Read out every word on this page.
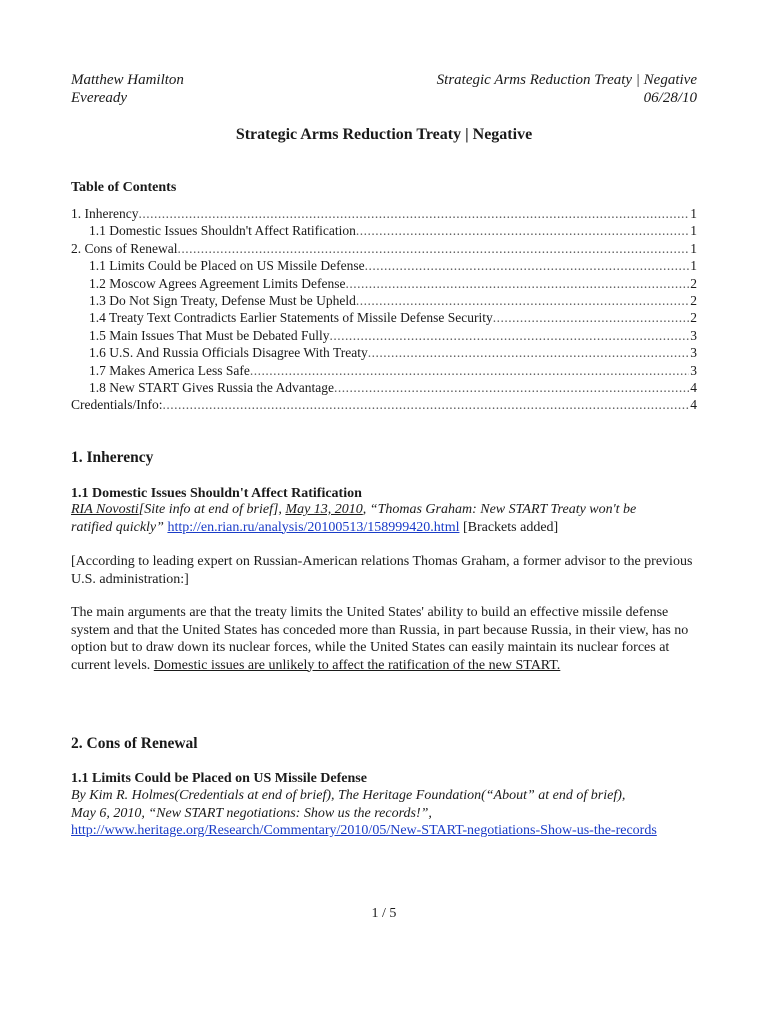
Matthew Hamilton	Strategic Arms Reduction Treaty | Negative
Eveready	06/28/10
Strategic Arms Reduction Treaty | Negative
Table of Contents
1. Inherency .....	1
1.1 Domestic Issues Shouldn't Affect Ratification .....	1
2. Cons of Renewal .....	1
1.1 Limits Could be Placed on US Missile Defense .....	1
1.2 Moscow Agrees Agreement Limits Defense .....	2
1.3 Do Not Sign Treaty, Defense Must be Upheld .....	2
1.4 Treaty Text Contradicts Earlier Statements of Missile Defense Security .....	2
1.5 Main Issues That Must be Debated Fully .....	3
1.6 U.S. And Russia Officials Disagree With Treaty .....	3
1.7 Makes America Less Safe .....	3
1.8 New START Gives Russia the Advantage .....	4
Credentials/Info: .....	4
1. Inherency
1.1 Domestic Issues Shouldn't Affect Ratification
RIA Novosti[Site info at end of brief], May 13, 2010, “Thomas Graham: New START Treaty won't be
ratified quickly” http://en.rian.ru/analysis/20100513/158999420.html [Brackets added]

[According to leading expert on Russian-American relations Thomas Graham, a former advisor to the previous U.S. administration:]

The main arguments are that the treaty limits the United States' ability to build an effective missile defense system and that the United States has conceded more than Russia, in part because Russia, in their view, has no option but to draw down its nuclear forces, while the United States can easily maintain its nuclear forces at current levels. Domestic issues are unlikely to affect the ratification of the new START.

2. Cons of Renewal
1.1 Limits Could be Placed on US Missile Defense
By Kim R. Holmes(Credentials at end of brief), The Heritage Foundation(“About” at end of brief),
May 6, 2010, “New START negotiations: Show us the records!”,
http://www.heritage.org/Research/Commentary/2010/05/New-START-negotiations-Show-us-the-records
1 / 5
